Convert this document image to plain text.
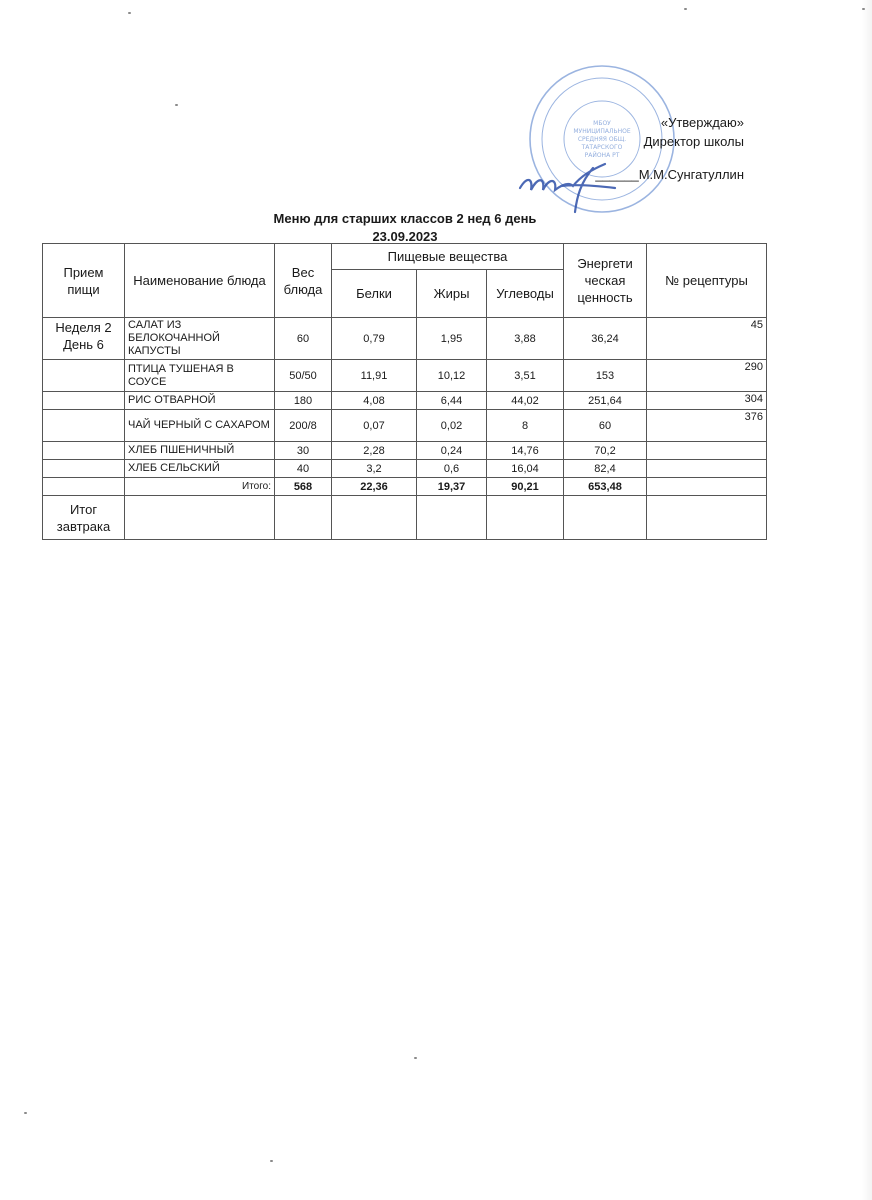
МБОУ
МУНИЦИПАЛЬНОЕ
СРЕДНЯЯ ОБЩ.
ТАТАРСКОГО
РАЙОНА РТ
«Утверждаю»
Директор школы
______М.М.Сунгатуллин
Меню для старших классов 2 нед 6 день
23.09.2023
Прием пищи	Наименование блюда	Вес блюда	Пищевые вещества			Энергети ческая ценность	№ рецептуры
			Белки	Жиры	Углеводы		
Неделя 2 День 6	САЛАТ ИЗ БЕЛОКОЧАННОЙ КАПУСТЫ	60	0,79	1,95	3,88	36,24	45
	ПТИЦА ТУШЕНАЯ В СОУСЕ	50/50	11,91	10,12	3,51	153	290
	РИС ОТВАРНОЙ	180	4,08	6,44	44,02	251,64	304
	ЧАЙ ЧЕРНЫЙ С САХАРОМ	200/8	0,07	0,02	8	60	376
	ХЛЕБ ПШЕНИЧНЫЙ	30	2,28	0,24	14,76	70,2	
	ХЛЕБ СЕЛЬСКИЙ	40	3,2	0,6	16,04	82,4	
	Итого:	568	22,36	19,37	90,21	653,48	
Итог завтрака							
